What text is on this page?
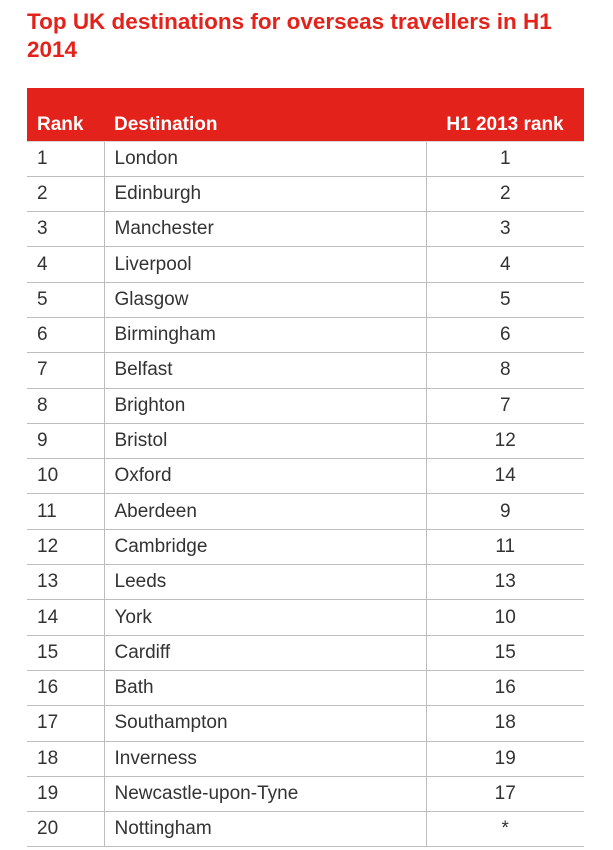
Top UK destinations for overseas travellers in H1 2014
Rank	Destination	H1 2013 rank
1	London	1
2	Edinburgh	2
3	Manchester	3
4	Liverpool	4
5	Glasgow	5
6	Birmingham	6
7	Belfast	8
8	Brighton	7
9	Bristol	12
10	Oxford	14
11	Aberdeen	9
12	Cambridge	11
13	Leeds	13
14	York	10
15	Cardiff	15
16	Bath	16
17	Southampton	18
18	Inverness	19
19	Newcastle-upon-Tyne	17
20	Nottingham	*
